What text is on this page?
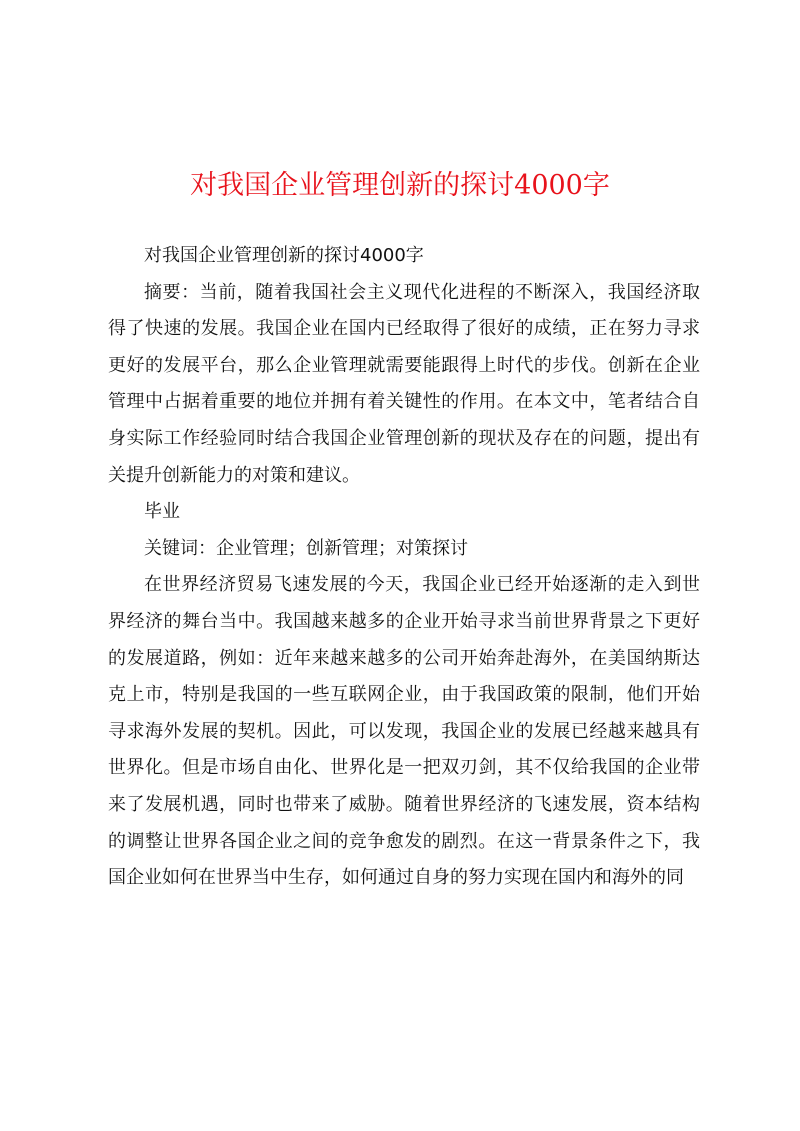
对我国企业管理创新的探讨4000字

对我国企业管理创新的探讨4000字

摘要：当前，随着我国社会主义现代化进程的不断深入，我国经济取得了快速的发展。我国企业在国内已经取得了很好的成绩，正在努力寻求更好的发展平台，那么企业管理就需要能跟得上时代的步伐。创新在企业管理中占据着重要的地位并拥有着关键性的作用。在本文中，笔者结合自身实际工作经验同时结合我国企业管理创新的现状及存在的问题，提出有关提升创新能力的对策和建议。

毕业

关键词：企业管理；创新管理；对策探讨

在世界经济贸易飞速发展的今天，我国企业已经开始逐渐的走入到世界经济的舞台当中。我国越来越多的企业开始寻求当前世界背景之下更好的发展道路，例如：近年来越来越多的公司开始奔赴海外，在美国纳斯达克上市，特别是我国的一些互联网企业，由于我国政策的限制，他们开始寻求海外发展的契机。因此，可以发现，我国企业的发展已经越来越具有世界化。但是市场自由化、世界化是一把双刃剑，其不仅给我国的企业带来了发展机遇，同时也带来了威胁。随着世界经济的飞速发展，资本结构的调整让世界各国企业之间的竞争愈发的剧烈。在这一背景条件之下，我国企业如何在世界当中生存，如何通过自身的努力实现在国内和海外的同
